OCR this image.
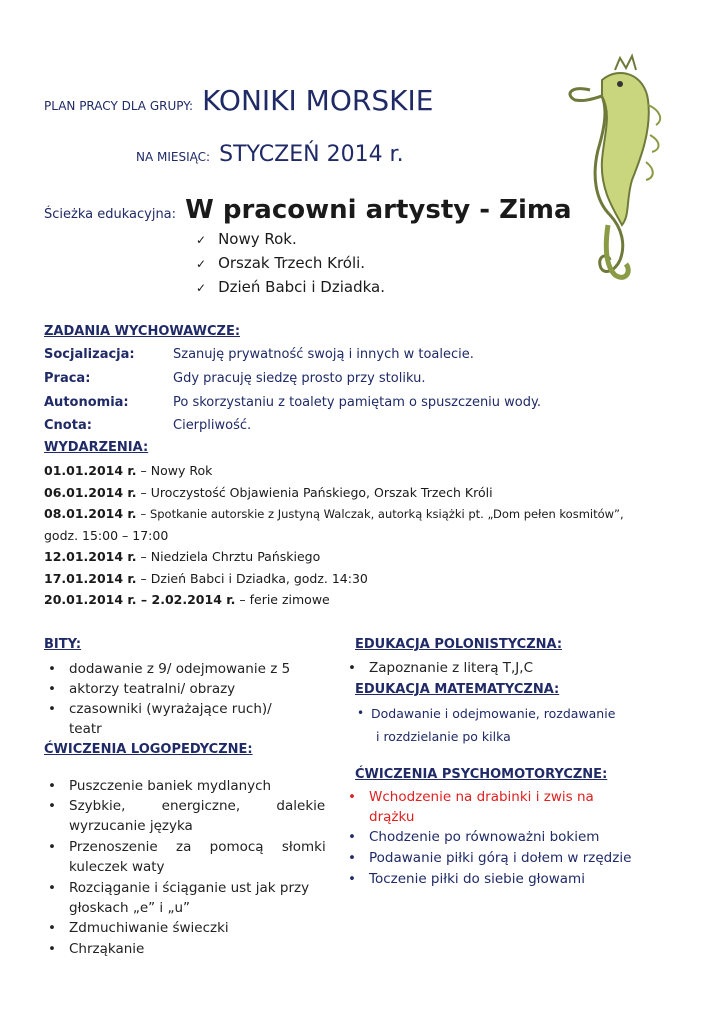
PLAN PRACY DLA GRUPY: KONIKI MORSKIE
NA MIESIĄC: STYCZEŃ 2014 r.
Ścieżka edukacyjna: W pracowni artysty - Zima
✓ Nowy Rok.
✓ Orszak Trzech Króli.
✓ Dzień Babci i Dziadka.
ZADANIA WYCHOWAWCZE:
Socjalizacja:	Szanuję prywatność swoją i innych w toalecie.
Praca:	Gdy pracuję siedzę prosto przy stoliku.
Autonomia:	Po skorzystaniu z toalety pamiętam o spuszczeniu wody.
Cnota:	Cierpliwość.
WYDARZENIA:
01.01.2014 r. – Nowy Rok
06.01.2014 r. – Uroczystość Objawienia Pańskiego, Orszak Trzech Króli
08.01.2014 r. – Spotkanie autorskie z Justyną Walczak, autorką książki pt. „Dom pełen kosmitów”,
godz. 15:00 – 17:00
12.01.2014 r. – Niedziela Chrztu Pańskiego
17.01.2014 r. – Dzień Babci i Dziadka, godz. 14:30
20.01.2014 r. – 2.02.2014 r. – ferie zimowe
BITY:
• dodawanie z 9/ odejmowanie z 5
• aktorzy teatralni/ obrazy
• czasowniki (wyrażające ruch)/
teatr
ĆWICZENIA LOGOPEDYCZNE:
• Puszczenie baniek mydlanych
• Szybkie, energiczne, dalekie
wyrzucanie języka
• Przenoszenie za pomocą słomki
kuleczek waty
• Rozciąganie i ściąganie ust jak przy
głoskach „e” i „u”
• Zdmuchiwanie świeczki
• Chrząkanie
EDUKACJA POLONISTYCZNA:
• Zapoznanie z literą T,J,C
EDUKACJA MATEMATYCZNA:
• Dodawanie i odejmowanie, rozdawanie
i rozdzielanie po kilka
ĆWICZENIA PSYCHOMOTORYCZNE:
• Wchodzenie na drabinki i zwis na
drążku
• Chodzenie po równoważni bokiem
• Podawanie piłki górą i dołem w rzędzie
• Toczenie piłki do siebie głowami
